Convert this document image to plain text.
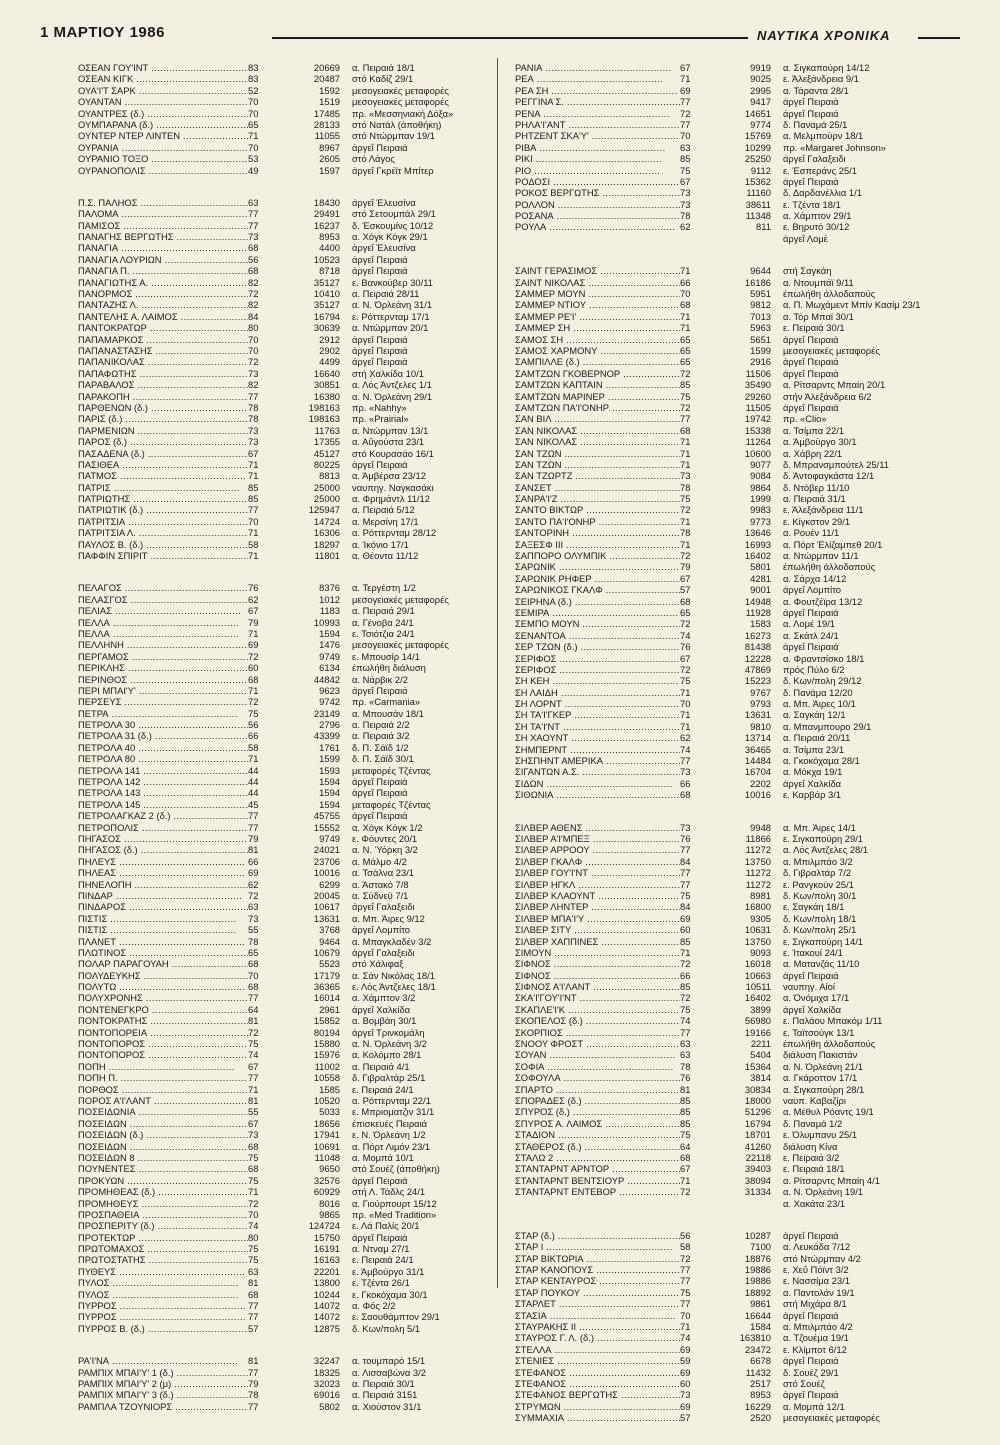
1 ΜΑΡΤΙΟΥ 1986	ΝΑΥΤΙΚΑ ΧΡΟΝΙΚΑ
ΟΣΕΑΝ ΓΟΥ'ΙΝΤ .....	83	20669	α. Πειραιά 18/1
ΟΣΕΑΝ ΚΙΓΚ .....	83	20487	στό Καδίζ 29/1
ΟΥΑ'Ι'Τ ΣΑΡΚ .....	52	1592	μεσογειακές μεταφορές
ΟΥΑΝΤΑΝ .....	70	1519	μεσογειακές μεταφορές
ΟΥΑΝΤΡΕΣ (δ.) .....	70	17485	πρ. «Μεσσηνιακή Δόξα»
ΟΥΜΠΑΡΑΝΑ (δ.) .....	65	28133	στό Νατάλ (άποθήκη)
ΟΥΝΤΕΡ ΝΤΕΡ ΛΙΝΤΕΝ .....	71	11055	στό Ντώρμπαν 19/1
ΟΥΡΑΝΙΑ .....	70	8967	άργεΐ Πειραιά
ΟΥΡΑΝΙΟ ΤΟΞΟ .....	53	2605	στό Λάγος
ΟΥΡΑΝΟΠΟΛΙΣ .....	49	1597	άργεΐ Γκρέϊτ Μπίτερ
Π.Σ. ΠΑΛΗΟΣ .....	63	18430	άργεΐ Έλευσίνα
ΠΑΛΟΜΑ .....	77	29491	στό Σετουμπάλ 29/1
ΠΑΜΙΣΟΣ .....	77	16237	δ. Έσκουμίνς 10/12
ΠΑΝΑΓΗΣ ΒΕΡΓΩΤΗΣ .....	73	8953	α. Χόγκ Κόγκ 29/1
ΠΑΝΑΓΙΑ .....	68	4400	άργεΐ Έλευσίνα
ΠΑΝΑΓΙΑ ΛΟΥΡΙΩΝ .....	56	10523	άργεΐ Πειραιά
ΠΑΝΑΓΙΑ Π. .....	68	8718	άργεΐ Πειραιά
ΠΑΝΑΓΙΩΤΗΣ Α. .....	82	35127	ε. Βανκούβερ 30/11
ΠΑΝΟΡΜΟΣ .....	72	10410	α. Πειραιά 28/11
ΠΑΝΤΑΖΗΣ Λ. .....	82	35127	α. Ν. Όρλεάνη 31/1
ΠΑΝΤΕΛΗΣ Α. ΛΑΙΜΟΣ .....	84	16794	ε. Ρόττερνταμ 17/1
ΠΑΝΤΟΚΡΑΤΩΡ .....	80	30639	α. Ντώρμπαν 20/1
ΠΑΠΑΜΑΡΚΟΣ .....	70	2912	άργεΐ Πειραιά
ΠΑΠΑΝΑΣΤΑΣΗΣ .....	70	2902	άργεΐ Πειραιά
ΠΑΠΑΝΙΚΟΛΑΣ .....	72	4499	άργεΐ Πειραιά
ΠΑΠΑΦΩΤΗΣ .....	73	16640	στή Χαλκίδα 10/1
ΠΑΡΑΒΑΛΟΣ .....	82	30851	α. Λός Άντζελες 1/1
ΠΑΡΑΚΟΠΗ .....	77	16380	α. Ν. Όρλεάνη 29/1
ΠΑΡΘΕΝΩΝ (δ.) .....	78	198163	πρ. «Nahhy»
ΠΑΡΙΣ (δ.) .....	78	198163	πρ. «Prairial»
ΠΑΡΜΕΝΙΩΝ .....	73	11763	α. Ντώρμπαν 13/1
ΠΑΡΟΣ (δ.) .....	73	17355	α. Αΰγούστα 23/1
ΠΑΣΑΔΕΝΑ (δ.) .....	67	45127	στό Κουρασάο 16/1
ΠΑΣΙΘΕΑ .....	71	80225	άργεΐ Πειραιά
ΠΑΤΜΟΣ .....	71	8813	α. Άμβέρσα 23/12
ΠΑΤΡΙΣ .....	85	25000	ναυπηγ. Ναγκασάκι
ΠΑΤΡΙΩΤΗΣ .....	85	25000	α. Φρημάντλ 11/12
ΠΑΤΡΙΩΤΙΚ (δ.) .....	77	125947	α. Πειραιά 5/12
ΠΑΤΡΙΤΣΙΑ .....	70	14724	α. Μερσίνη 17/1
ΠΑΤΡΙΤΣΙΑ Λ. .....	71	16306	α. Ρόττερνταμ 28/12
ΠΑΥΛΟΣ Β. (δ.) .....	58	18297	α. Ίκόνιο 17/1
ΠΑΦΦΙΝ ΣΠΙΡΙΤ .....	71	11801	α. Θέοντα 11/12
ΠΕΛΑΓΟΣ .....	76	8376	α. Τεργέστη 1/2
ΠΕΛΑΣΓΟΣ .....	62	1012	μεσογειακές μεταφορές
ΠΕΛΙΑΣ .....	67	1183	α. Πειραιά 29/1
ΠΕΛΛΑ .....	79	10993	α. Γένοβα 24/1
ΠΕΛΛΑ .....	71	1594	ε. Τσιότζια 24/1
ΠΕΛΛΗΝΗ .....	69	1476	μεσογειακές μεταφορές
ΠΕΡΓΑΜΟΣ .....	72	9749	ε. Μπουσίρ 14/1
ΠΕΡΙΚΛΗΣ .....	60	6134	έπωλήθη διάλυση
ΠΕΡΙΝΘΟΣ .....	68	44842	α. Νάρβικ 2/2
ΠΕΡΙ ΜΠΑΙ'Υ' .....	71	9623	άργεΐ Πειραιά
ΠΕΡΣΕΥΣ .....	72	9742	πρ. «Carmania»
ΠΕΤΡΑ .....	75	23149	α. Μπουσάν 18/1
ΠΕΤΡΟΛΑ 30 .....	56	2796	α. Πειραιά 2/2
ΠΕΤΡΟΛΑ 31 (δ.) .....	66	43399	α. Πειραιά 3/2
ΠΕΤΡΟΛΑ 40 .....	58	1761	δ. Π. Σάϊδ 1/2
ΠΕΤΡΟΛΑ 80 .....	71	1599	δ. Π. Σάϊδ 30/1
ΠΕΤΡΟΛΑ 141 .....	44	1593	μεταφορές Τζέντας
ΠΕΤΡΟΛΑ 142 .....	44	1594	άργεΐ Πειραιά
ΠΕΤΡΟΛΑ 143 .....	44	1594	άργεΐ Πειραιά
ΠΕΤΡΟΛΑ 145 .....	45	1594	μεταφορές Τζέντας
ΠΕΤΡΟΛΑΓΚΑΖ 2 (δ.) .....	77	45755	άργεΐ Πειραιά
ΠΕΤΡΟΠΟΛΙΣ .....	77	15552	α. Χόγκ Κόγκ 1/2
ΠΗΓΑΣΟΣ .....	79	9749	ε. Φόυντες 20/1
ΠΗΓΑΣΟΣ (δ.) .....	81	24021	α. Ν. Ύόρκη 3/2
ΠΗΛΕΥΣ .....	66	23706	α. Μάλμο 4/2
ΠΗΛΕΑΣ .....	69	10016	α. Τσάλνα 23/1
ΠΗΝΕΛΟΠΗ .....	62	6299	α. Άστακό 7/8
ΠΙΝΔΑΡ .....	72	20045	α. Σύδνεϋ 7/1
ΠΙΝΔΑΡΟΣ .....	63	10617	άργεΐ Γαλαξειδι
ΠΙΣΤΙΣ .....	73	13631	α. Μπ. Άιρες 9/12
ΠΙΣΤΙΣ .....	55	3768	άργεΐ Λομπίτο
ΠΛΑΝΕΤ .....	78	9464	α. Μπαγκλαδέν 3/2
ΠΛΩΤΙΝΟΣ .....	65	10679	άργεΐ Γαλαξειδι
ΠΟΛΑΡ ΠΑΡΑΓΟΥΑΗ .....	68	5523	στό Χάλιφαξ
ΠΟΛΥΔΕΥΚΗΣ .....	70	17179	α. Σάν Νικόλας 18/1
ΠΟΛΥΤΩ .....	68	36365	ε. Λός Άντζελες 18/1
ΠΟΛΥΧΡΟΝΗΣ .....	77	16014	α. Χάμπτον 3/2
ΠΟΝΤΕΝΕΓΚΡΟ .....	64	2961	άργεΐ Χαλκίδα
ΠΟΝΤΟΚΡΑΤΗΣ .....	81	15852	α. Βομβάη 30/1
ΠΟΝΤΟΠΟΡΕΙΑ .....	72	80194	άργεΐ Τρινκομάλη
ΠΟΝΤΟΠΟΡΟΣ .....	75	15880	α. Ν. Όρλεάνη 3/2
ΠΟΝΤΟΠΟΡΟΣ .....	74	15976	α. Κολόμπο 28/1
ΠΟΠΗ .....	67	11002	α. Πειραιά 4/1
ΠΟΠΗ Π. .....	77	10558	δ. Γιβραλτάρ 25/1
ΠΟΡΘΟΣ .....	71	1585	ε. Πειραιά 24/1
ΠΟΡΟΣ Α'Ι'ΛΑΝΤ .....	81	10520	α. Ρόττερνταμ 22/1
ΠΟΣΕΙΔΩΝΙΑ .....	55	5033	ε. Μπριοματζιν 31/1
ΠΟΣΕΙΔΩΝ .....	67	18656	έπισκευές Πειραιά
ΠΟΣΕΙΔΩΝ (δ.) .....	73	17941	ε. Ν. Όρλεάνη 1/2
ΠΟΣΕΙΔΩΝ .....	68	10691	α. Πόρτ Λιμόν 23/1
ΠΟΣΕΙΔΩΝ 8 .....	75	11048	α. Μομπά 10/1
ΠΟΥΝΕΝΤΕΣ .....	68	9650	στό Σουέζ (άποθήκη)
ΠΡΟΚΥΩΝ .....	75	32576	άργεΐ Πειραιά
ΠΡΟΜΗΘΕΑΣ (δ.) .....	71	60929	στή Λ. Τάδλς 24/1
ΠΡΟΜΗΘΕΥΣ .....	72	8016	α. Γιούρπουρτ 15/12
ΠΡΟΣΠΑΘΕΙΑ .....	70	9865	πρ. «Med Tradition»
ΠΡΟΣΠΕΡΙΤΥ (δ.) .....	74	124724	ε. Λά Παλίς 20/1
ΠΡΟΤΕΚΤΩΡ .....	80	15750	άργεΐ Πειραιά
ΠΡΩΤΟΜΑΧΟΣ .....	75	16191	α. Ντναμ 27/1
ΠΡΩΤΟΣΤΑΤΗΣ .....	75	16163	ε. Πειραιά 24/1
ΠΥΘΕΥΣ .....	63	22201	ε. Άμβούργο 31/1
ΠΥΛΟΣ .....	81	13800	ε. Τζέντα 26/1
ΠΥΛΟΣ .....	68	10244	ε. Γκοκόχαμα 30/1
ΠΥΡΡΟΣ .....	77	14072	α. Φός 2/2
ΠΥΡΡΟΣ .....	77	14072	ε. Σαουθάμπτον 29/1
ΠΥΡΡΟΣ Β. (δ.) .....	57	12875	δ. Κων/πολη 5/1
ΡΑ'Ι'ΝΑ .....	81	32247	α. τουμπαρό 15/1
ΡΑΜΠΙΧ ΜΠΑΙ'Υ' 1 (δ.) .....	77	18325	α. Λισσαβώνα 3/2
ΡΑΜΠΙΧ ΜΠΑΙ'Υ' 2 (μ) .....	79	32023	α. Πειραιά 30/1
ΡΑΜΠΙΧ ΜΠΑΙ'Υ' 3 (δ.) .....	78	69016	α. Πειραιά 3151
ΡΑΜΠΛΑ ΤΖΟΥΝΙΟΡΣ .....	77	5802	α. Χιούστον 31/1
ΡΑΝΙΑ .....	67	9919	α. Σιγκαπούρη 14/12
ΡΕΑ .....	71	9025	ε. Άλεξάνδρεια 9/1
ΡΕΑ ΣΗ .....	69	2995	α. Τάραντα 28/1
ΡΕΓΓΙΝΑ Σ. .....	77	9417	άργεΐ Πειραιά
ΡΕΝΑ .....	72	14651	άργεΐ Πειραιά
ΡΗΛΑ'Ι'ΑΝΤ .....	77	9774	δ. Παναμά 25/1
ΡΗΤΖΕΝΤ ΣΚΑ'Υ' .....	70	15769	α. Μελμπούρν 18/1
ΡΙΒΑ .....	63	10299	πρ. «Margaret Johnson»
ΡΙΚΙ .....	85	25250	άργεΐ Γαλαξειδι
ΡΙΟ .....	75	9112	ε. Έσπεράνς 25/1
ΡΟΔΟΣΙ .....	67	15362	άργεΐ Πειραιά
ΡΟΚΟΣ ΒΕΡΓΩΤΗΣ .....	73	11160	δ. Δαρδανέλλια 1/1
ΡΟΛΛΟΝ .....	73	38611	ε. Τζέντα 18/1
ΡΟΣΑΝΑ .....	78	11348	α. Χάμπτον 29/1
ΡΟΥΛΑ .....	62	811	ε. Βηρυτό 30/12
άργεΐ Λομέ
ΣΑΙΝΤ ΓΕΡΑΣΙΜΟΣ .....	71	9644	στή Σαγκάη
ΣΑΙΝΤ ΝΙΚΟΛΑΣ .....	66	16186	α. Ντουμπάϊ 9/11
ΣΑΜΜΕΡ ΜΟΥΝ .....	70	5951	έπωλήθη άλλοδαπούς
ΣΑΜΜΕΡ ΝΤΙΟΥ .....	68	9812	α. Π. Μωχάμεντ Μπίν Κασίμ 23/1
ΣΑΜΜΕΡ ΡΕ'Ι' .....	71	7013	α. Τόρ Μπαϊ 30/1
ΣΑΜΜΕΡ ΣΗ .....	71	5963	ε. Πειραιά 30/1
ΣΑΜΟΣ ΣΗ .....	65	5651	άργεΐ Πειραιά
ΣΑΜΟΣ ΧΑΡΜΟΝΥ .....	65	1599	μεσογειακές μεταφορές
ΣΑΜΠΙΛΛΕ (δ.) .....	65	2916	άργεΐ Πειραιά
ΣΑΜΤΖΩΝ ΓΚΟΒΕΡΝΟΡ .....	72	11506	άργεΐ Πειραιά
ΣΑΜΤΖΩΝ ΚΑΠΤΑΙΝ .....	85	35490	α. Ρίτσαρντς Μπαίη 20/1
ΣΑΜΤΖΩΝ ΜΑΡΙΝΕΡ .....	75	29260	στήν Άλεξάνδρεια 6/2
ΣΑΜΤΖΩΝ ΠΑ'Ι'ΟΝΗΡ .....	72	11505	άργεΐ Πειραιά
ΣΑΝ ΒΙΛ .....	77	19742	πρ. «Clio»
ΣΑΝ ΝΙΚΟΛΑΣ .....	68	15338	α. Τσίμπα 22/1
ΣΑΝ ΝΙΚΟΛΑΣ .....	71	11264	α. Άμβούργο 30/1
ΣΑΝ ΤΖΩΝ .....	71	10600	α. Χάβρη 22/1
ΣΑΝ ΤΖΩΝ .....	71	9077	δ. Μπρανσμπούτελ 25/11
ΣΑΝ ΤΖΩΡΤΖ .....	73	9084	δ. Άντοφαγκάστα 12/1
ΣΑΝΣΕΤ .....	78	9864	δ. Ντόβερ 11/10
ΣΑΝΡΑ'Ι'Ζ .....	75	1999	α. Πειραιά 31/1
ΣΑΝΤΟ ΒΙΚΤΩΡ .....	72	9983	ε. Άλεξάνδρεια 11/1
ΣΑΝΤΟ ΠΑ'Ι'ΟΝΗΡ .....	71	9773	ε. Κίγκστον 29/1
ΣΑΝΤΟΡΙΝΗ .....	78	13646	α. Ρουέν 11/1
ΣΑΞΕΣΦ ΙΙΙ .....	71	16993	α. Πόρτ Έλίζαμπεθ 20/1
ΣΑΠΠΟΡΟ ΟΛΥΜΠΙΚ .....	72	16402	α. Ντώρμπαν 11/1
ΣΑΡΩΝΙΚ .....	79	5801	έπωλήθη άλλοδαπούς
ΣΑΡΩΝΙΚ ΡΗΦΕΡ .....	67	4281	α. Σάρχα 14/12
ΣΑΡΩΝΙΚΟΣ ΓΚΑΛΦ .....	57	9001	άργεΐ Λομπίτο
ΣΕΙΡΗΝΑ (δ.) .....	68	14948	α. Φουτζέϊρα 13/12
ΣΕΜΙΡΑ .....	65	11928	άργεΐ Πειραιά
ΣΕΜΠΟ ΜΟΥΝ .....	72	1583	α. Λομέ 19/1
ΣΕΝΑΝΤΟΑ .....	74	16273	α. Σκάτλ 24/1
ΣΕΡ ΤΖΩΝ (δ.) .....	76	81438	άργεΐ Πειραιά
ΣΕΡΙΦΟΣ .....	67	12228	α. Φραντσίσκο 18/1
ΣΕΡΙΦΟΣ .....	72	47869	πρός Πύλο 6/2
ΣΗ ΚΕΗ .....	75	15223	δ. Κων/πολη 29/12
ΣΗ ΛΑΙΔΗ .....	71	9767	δ. Πανάμα 12/20
ΣΗ ΛΟΡΝΤ .....	70	9793	α. Μπ. Άιρες 10/1
ΣΗ ΤΑ'Ι'ΓΚΕΡ .....	71	13631	α. Σαγκάη 12/1
ΣΗ ΤΑ'Ι'ΝΤ .....	71	9810	α. Μπανμπουρο 29/1
ΣΗ ΧΑΟΥΝΤ .....	62	13714	α. Πειραιά 20/11
ΣΗΜΠΕΡΝΤ .....	74	36465	α. Τσίμπα 23/1
ΣΗΣΠΗΝΤ ΑΜΕΡΙΚΑ .....	77	14484	α. Γκοκόχαμα 28/1
ΣΙΓΑΝΤΩΝ Α.Σ. .....	73	16704	α. Μόκχα 19/1
ΣΙΔΩΝ .....	66	2202	άργεΐ Χαλκίδα
ΣΙΘΩΝΙΑ .....	68	10016	ε. Καρβάρ 3/1
ΣΙΛΒΕΡ ΑΘΕΝΣ .....	73	9948	α. Μπ. Άιρες 14/1
ΣΙΛΒΕΡ Α'Ι'ΜΠΕΞ .....	76	11866	ε. Σιγκαπούρη 29/1
ΣΙΛΒΕΡ ΑΡΡΟΟΥ .....	77	11272	α. Λός Άντζελες 28/1
ΣΙΛΒΕΡ ΓΚΑΛΦ .....	84	13750	α. Μπιλμπάο 3/2
ΣΙΛΒΕΡ ΓΟΥ'Ι'ΝΤ .....	77	11272	δ. Γιβραλτάρ 7/2
ΣΙΛΒΕΡ ΗΓΚΛ .....	77	11272	ε. Ρανγκούν 25/1
ΣΙΛΒΕΡ ΚΛΑΟΥΝΤ .....	75	8981	δ. Κων/πολη 30/1
ΣΙΛΒΕΡ ΛΗΝΤΕΡ .....	84	16800	ε. Σαγκάη 18/1
ΣΙΛΒΕΡ ΜΠΑ'Ι'Υ .....	69	9305	δ. Κων/πολη 18/1
ΣΙΛΒΕΡ ΣΙΤΥ .....	60	10631	δ. Κων/πολη 25/1
ΣΙΛΒΕΡ ΧΑΠΠΙΝΕΣ .....	85	13750	ε. Σιγκαπούρη 14/1
ΣΙΜΟΥΝ .....	71	9093	ε. Ίτακουί 24/1
ΣΙΦΝΟΣ .....	72	16018	α. Ματανζάς 11/10
ΣΙΦΝΟΣ .....	66	10663	άργεΐ Πειραιά
ΣΙΦΝΟΣ Α'Ι'ΛΑΝΤ .....	85	10511	ναυπηγ. Αίοί
ΣΚΑ'Ι'ΓΟΥ'Ι'ΝΤ .....	72	16402	α. Όνόμιχα 17/1
ΣΚΑΠΛΕ'Ι'Κ .....	75	3899	άργεΐ Χαλκίδα
ΣΚΟΠΕΛΟΣ (δ.) .....	74	56980	ε. Παλάου Μπακόμ 1/11
ΣΚΟΡΠΙΟΣ .....	77	19166	ε. Ταϊτσούγκ 13/1
ΣΝΟΟΥ ΦΡΟΣΤ .....	63	2211	έπωλήθη άλλοδαπούς
ΣΟΥΑΝ .....	63	5404	διάλυση Πακιστάν
ΣΟΦΙΑ .....	78	15364	α. Ν. Όρλεάνη 21/1
ΣΟΦΟΥΛΑ .....	76	3814	α. Γκάροττον 17/1
ΣΠΑΡΤΟ .....	81	30834	α. Σιγκαπούρη 28/1
ΣΠΟΡΑΔΕΣ (δ.) .....	85	18000	ναυπ. Καβαζίρι
ΣΠΥΡΟΣ (δ.) .....	85	51296	α. Μέθυλ Ρόαντς 19/1
ΣΠΥΡΟΣ Α. ΛΑΙΜΟΣ .....	85	16794	δ. Παναμά 1/2
ΣΤΑΔΙΟΝ .....	75	18701	ε. Όλυμπανυ 25/1
ΣΤΑΘΕΡΟΣ (δ.) .....	64	41260	διάλυση Κίνα
ΣΤΑΛΩ 2 .....	68	22118	ε. Πειραιά 3/2
ΣΤΑΝΤΑΡΝΤ ΑΡΝΤΟΡ .....	67	39403	ε. Πειραιά 18/1
ΣΤΑΝΤΑΡΝΤ ΒΕΝΤΣΙΟΥΡ .....	71	38094	α. Ρίτσαρντς Μπαίη 4/1
ΣΤΑΝΤΑΡΝΤ ΕΝΤΕΒΟΡ .....	72	31334	α. Ν. Όρλεάνη 19/1
α. Χακάτα 23/1
ΣΤΑΡ (δ.) .....	56	10287	άργεΐ Πειραιά
ΣΤΑΡ Ι .....	58	7100	α. Λευκάδα 7/12
ΣΤΑΡ ΒΙΚΤΩΡΙΑ .....	72	18876	στό Ντώρμπαν 4/2
ΣΤΑΡ ΚΑΝΟΠΟΥΣ .....	77	19886	ε. Χεΰ Πόϊντ 3/2
ΣΤΑΡ ΚΕΝΤΑΥΡΟΣ .....	77	19886	ε. Νασσίμα 23/1
ΣΤΑΡ ΠΟΥΚΟΥ .....	75	18892	α. Παντολάν 19/1
ΣΤΑΡΛΕΤ .....	77	9861	στή Μιχάρα 8/1
ΣΤΑΣΙΑ .....	70	16644	άργεΐ Πειραιά
ΣΤΑΥΡΑΚΗΣ ΙΙ .....	71	1584	α. Μπιλμπάο 4/2
ΣΤΑΥΡΟΣ Γ. Λ. (δ.) .....	74	163810	α. Τζουέμα 19/1
ΣΤΕΛΛΑ .....	69	23472	ε. Κλίμποτ 6/12
ΣΤΕΝΙΕΣ .....	59	6678	άργεΐ Πειραιά
ΣΤΕΦΑΝΟΣ .....	69	11432	δ. Σουέζ 29/1
ΣΤΕΦΑΝΟΣ .....	60	2517	στό Σουέζ
ΣΤΕΦΑΝΟΣ ΒΕΡΓΩΤΗΣ .....	73	8953	άργεΐ Πειραιά
ΣΤΡΥΜΩΝ .....	69	16229	α. Μομπά 12/1
ΣΥΜΜΑΧΙΑ .....	57	2520	μεσογειακές μεταφορές
